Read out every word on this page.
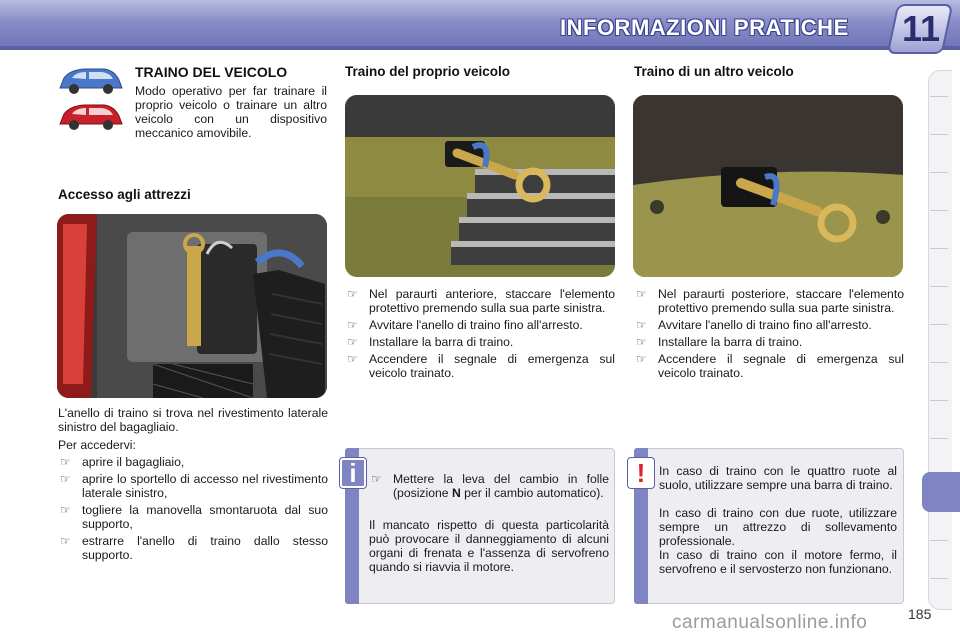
INFORMAZIONI PRATICHE	11
TRAINO DEL VEICOLO
Modo operativo per far trainare il proprio veicolo o trainare un altro veicolo con un dispositivo meccanico amovibile.
Accesso agli attrezzi
L'anello di traino si trova nel rivestimento laterale sinistro del bagagliaio.
Per accedervi:
☞ aprire il bagagliaio,
☞ aprire lo sportello di accesso nel rivestimento laterale sinistro,
☞ togliere la manovella smontaruota dal suo supporto,
☞ estrarre l'anello di traino dallo stesso supporto.
Traino del proprio veicolo
☞ Nel paraurti anteriore, staccare l'elemento protettivo premendo sulla sua parte sinistra.
☞ Avvitare l'anello di traino fino all'arresto.
☞ Installare la barra di traino.
☞ Accendere il segnale di emergenza sul veicolo trainato.
Traino di un altro veicolo
☞ Nel paraurti posteriore, staccare l'elemento protettivo premendo sulla sua parte sinistra.
☞ Avvitare l'anello di traino fino all'arresto.
☞ Installare la barra di traino.
☞ Accendere il segnale di emergenza sul veicolo trainato.
i	☞ Mettere la leva del cambio in folle (posizione N per il cambio automatico).
Il mancato rispetto di questa particolarità può provocare il danneggiamento di alcuni organi di frenata e l'assenza di servofreno quando si riavvia il motore.
!	In caso di traino con le quattro ruote al suolo, utilizzare sempre una barra di traino.
In caso di traino con due ruote, utilizzare sempre un attrezzo di sollevamento professionale.
In caso di traino con il motore fermo, il servofreno e il servosterzo non funzionano.
185
carmanualsonline.info
